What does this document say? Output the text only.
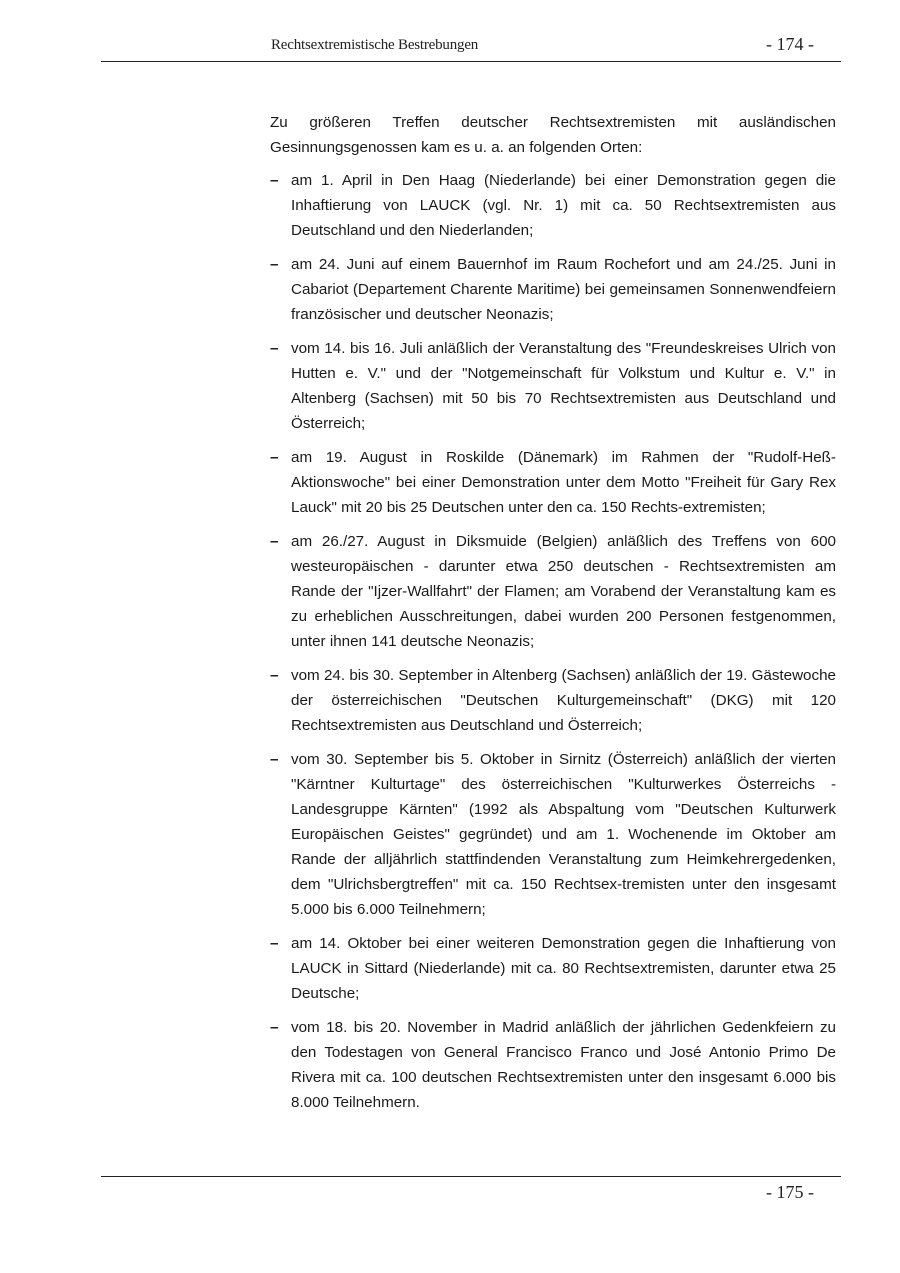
Rechtsextremistische Bestrebungen	- 174 -

Zu größeren Treffen deutscher Rechtsextremisten mit ausländischen Gesinnungsgenossen kam es u. a. an folgenden Orten:

– am 1. April in Den Haag (Niederlande) bei einer Demonstration gegen die Inhaftierung von LAUCK (vgl. Nr. 1) mit ca. 50 Rechtsextremisten aus Deutschland und den Niederlanden;
– am 24. Juni auf einem Bauernhof im Raum Rochefort und am 24./25. Juni in Cabariot (Departement Charente Maritime) bei gemeinsamen Sonnenwendfeiern französischer und deutscher Neonazis;
– vom 14. bis 16. Juli anläßlich der Veranstaltung des "Freundeskreises Ulrich von Hutten e. V." und der "Notgemeinschaft für Volkstum und Kultur e. V." in Altenberg (Sachsen) mit 50 bis 70 Rechtsextremisten aus Deutschland und Österreich;
– am 19. August in Roskilde (Dänemark) im Rahmen der "Rudolf-Heß-Aktionswoche" bei einer Demonstration unter dem Motto "Freiheit für Gary Rex Lauck" mit 20 bis 25 Deutschen unter den ca. 150 Rechts-extremisten;
– am 26./27. August in Diksmuide (Belgien) anläßlich des Treffens von 600 westeuropäischen - darunter etwa 250 deutschen - Rechtsextremisten am Rande der "Ijzer-Wallfahrt" der Flamen; am Vorabend der Veranstaltung kam es zu erheblichen Ausschreitungen, dabei wurden 200 Personen festgenommen, unter ihnen 141 deutsche Neonazis;
– vom 24. bis 30. September in Altenberg (Sachsen) anläßlich der 19. Gästewoche der österreichischen "Deutschen Kulturgemeinschaft" (DKG) mit 120 Rechtsextremisten aus Deutschland und Österreich;
– vom 30. September bis 5. Oktober in Sirnitz (Österreich) anläßlich der vierten "Kärntner Kulturtage" des österreichischen "Kulturwerkes Österreichs - Landesgruppe Kärnten" (1992 als Abspaltung vom "Deutschen Kulturwerk Europäischen Geistes" gegründet) und am 1. Wochenende im Oktober am Rande der alljährlich stattfindenden Veranstaltung zum Heimkehrergedenken, dem "Ulrichsbergtreffen" mit ca. 150 Rechtsex-tremisten unter den insgesamt 5.000 bis 6.000 Teilnehmern;
– am 14. Oktober bei einer weiteren Demonstration gegen die Inhaftierung von LAUCK in Sittard (Niederlande) mit ca. 80 Rechtsextremisten, darunter etwa 25 Deutsche;
– vom 18. bis 20. November in Madrid anläßlich der jährlichen Gedenkfeiern zu den Todestagen von General Francisco Franco und José Antonio Primo De Rivera mit ca. 100 deutschen Rechtsextremisten unter den insgesamt 6.000 bis 8.000 Teilnehmern.
- 175 -
